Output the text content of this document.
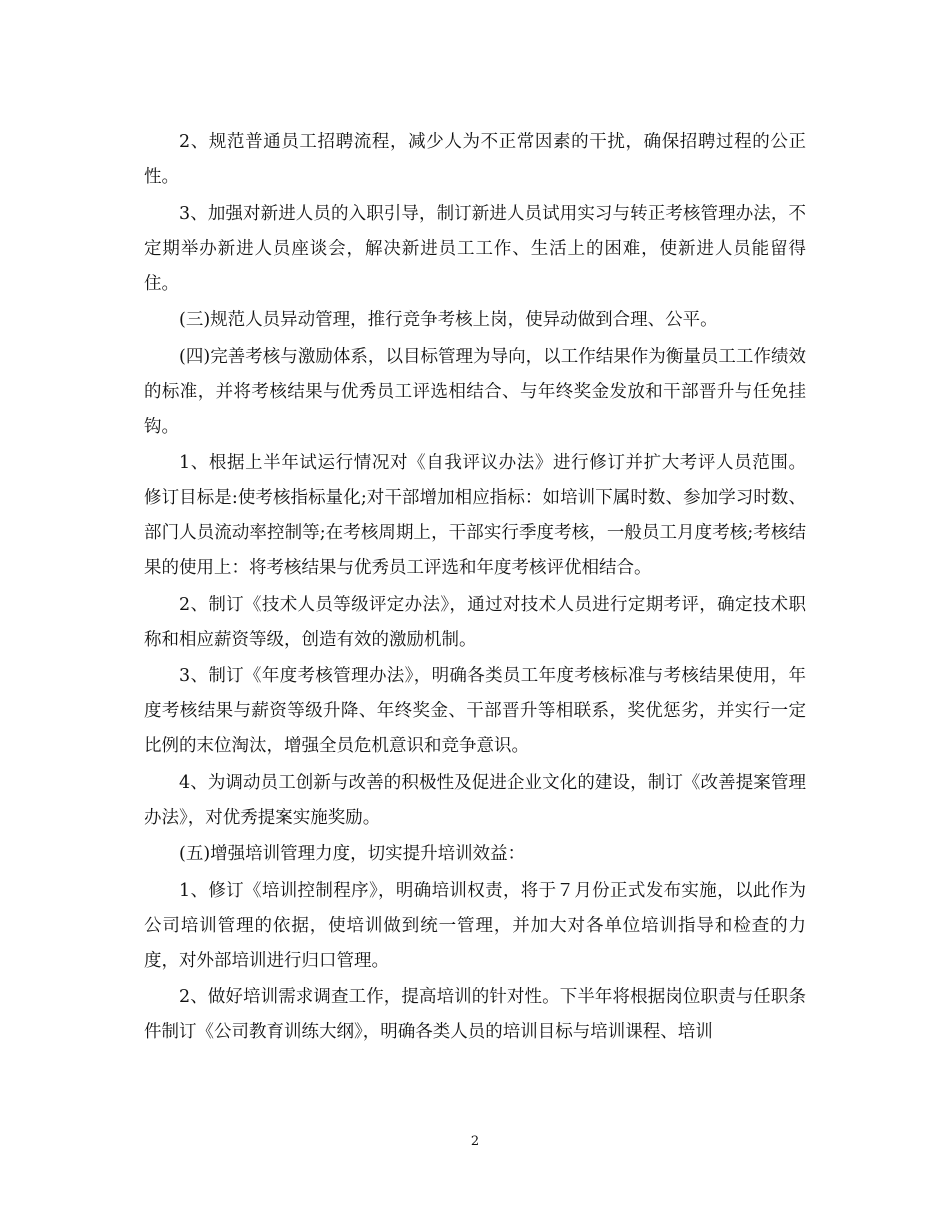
2、规范普通员工招聘流程，减少人为不正常因素的干扰，确保招聘过程的公正性。

3、加强对新进人员的入职引导，制订新进人员试用实习与转正考核管理办法，不定期举办新进人员座谈会，解决新进员工工作、生活上的困难，使新进人员能留得住。

(三)规范人员异动管理，推行竞争考核上岗，使异动做到合理、公平。

(四)完善考核与激励体系，以目标管理为导向，以工作结果作为衡量员工工作绩效的标准，并将考核结果与优秀员工评选相结合、与年终奖金发放和干部晋升与任免挂钩。

1、根据上半年试运行情况对《自我评议办法》进行修订并扩大考评人员范围。 修订目标是:使考核指标量化;对干部增加相应指标：如培训下属时数、参加学习时数、部门人员流动率控制等;在考核周期上，干部实行季度考核，一般员工月度考核;考核结果的使用上：将考核结果与优秀员工评选和年度考核评优相结合。

2、制订《技术人员等级评定办法》，通过对技术人员进行定期考评，确定技术职称和相应薪资等级，创造有效的激励机制。

3、制订《年度考核管理办法》，明确各类员工年度考核标准与考核结果使用，年度考核结果与薪资等级升降、年终奖金、干部晋升等相联系，奖优惩劣，并实行一定比例的末位淘汰，增强全员危机意识和竞争意识。

4、为调动员工创新与改善的积极性及促进企业文化的建设，制订《改善提案管理办法》，对优秀提案实施奖励。

(五)增强培训管理力度，切实提升培训效益：

1、修订《培训控制程序》，明确培训权责，将于７月份正式发布实施，以此作为公司培训管理的依据，使培训做到统一管理，并加大对各单位培训指导和检查的力度，对外部培训进行归口管理。

2、做好培训需求调查工作，提高培训的针对性。下半年将根据岗位职责与任职条件制订《公司教育训练大纲》，明确各类人员的培训目标与培训课程、培训

2
